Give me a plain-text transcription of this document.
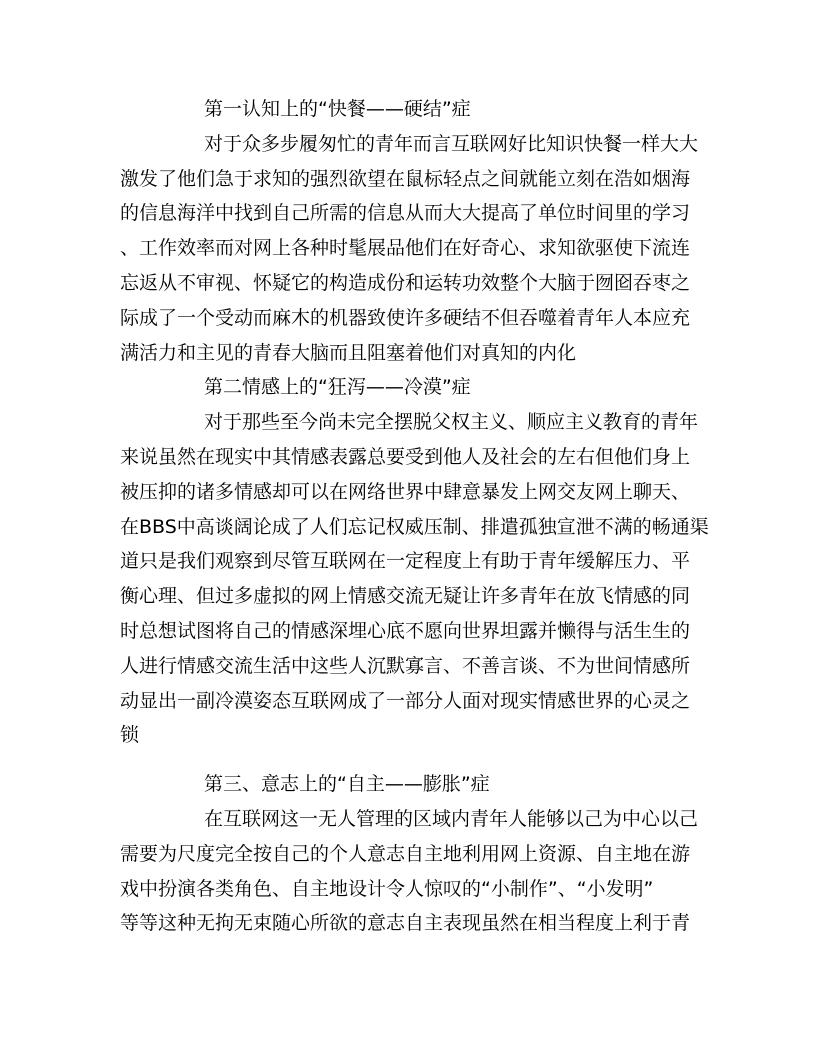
第一认知上的“快餐——硬结”症
对于众多步履匆忙的青年而言互联网好比知识快餐一样大大
激发了他们急于求知的强烈欲望在鼠标轻点之间就能立刻在浩如烟海
的信息海洋中找到自己所需的信息从而大大提高了单位时间里的学习
、工作效率而对网上各种时髦展品他们在好奇心、求知欲驱使下流连
忘返从不审视、怀疑它的构造成份和运转功效整个大脑于囫囵吞枣之
际成了一个受动而麻木的机器致使许多硬结不但吞噬着青年人本应充
满活力和主见的青春大脑而且阻塞着他们对真知的内化
第二情感上的“狂泻——冷漠”症
对于那些至今尚未完全摆脱父权主义、顺应主义教育的青年
来说虽然在现实中其情感表露总要受到他人及社会的左右但他们身上
被压抑的诸多情感却可以在网络世界中肆意暴发上网交友网上聊天、
在BBS中高谈阔论成了人们忘记权威压制、排遣孤独宣泄不满的畅通渠
道只是我们观察到尽管互联网在一定程度上有助于青年缓解压力、平
衡心理、但过多虚拟的网上情感交流无疑让许多青年在放飞情感的同
时总想试图将自己的情感深埋心底不愿向世界坦露并懒得与活生生的
人进行情感交流生活中这些人沉默寡言、不善言谈、不为世间情感所
动显出一副冷漠姿态互联网成了一部分人面对现实情感世界的心灵之
锁
第三、意志上的“自主——膨胀”症
在互联网这一无人管理的区域内青年人能够以己为中心以己
需要为尺度完全按自己的个人意志自主地利用网上资源、自主地在游
戏中扮演各类角色、自主地设计令人惊叹的“小制作”、“小发明”
等等这种无拘无束随心所欲的意志自主表现虽然在相当程度上利于青
